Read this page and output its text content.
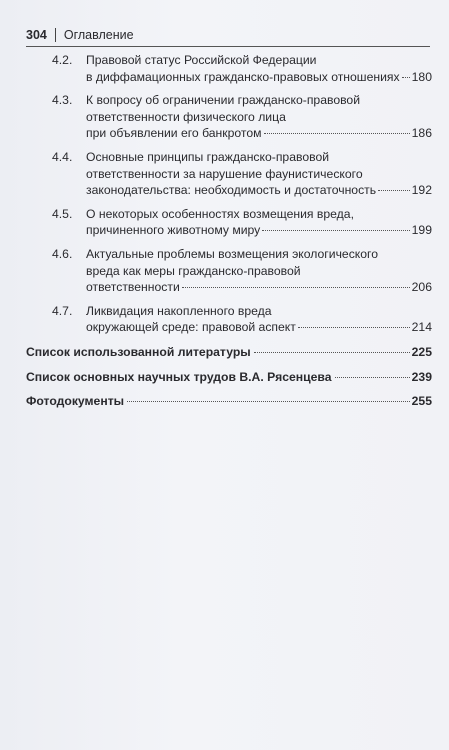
304	Оглавление
4.2.	Правовой статус Российской Федерации
в диффамационных гражданско-правовых отношениях 180
4.3.	К вопросу об ограничении гражданско-правовой
ответственности физического лица
при объявлении его банкротом	186
4.4.	Основные принципы гражданско-правовой
ответственности за нарушение фаунистического
законодательства: необходимость и достаточность	192
4.5.	О некоторых особенностях возмещения вреда,
причиненного животному миру	199
4.6.	Актуальные проблемы возмещения экологического
вреда как меры гражданско-правовой
ответственности	206
4.7.	Ликвидация накопленного вреда
окружающей среде: правовой аспект	214
Список использованной литературы	225
Список основных научных трудов В.А. Рясенцева	239
Фотодокументы	255
